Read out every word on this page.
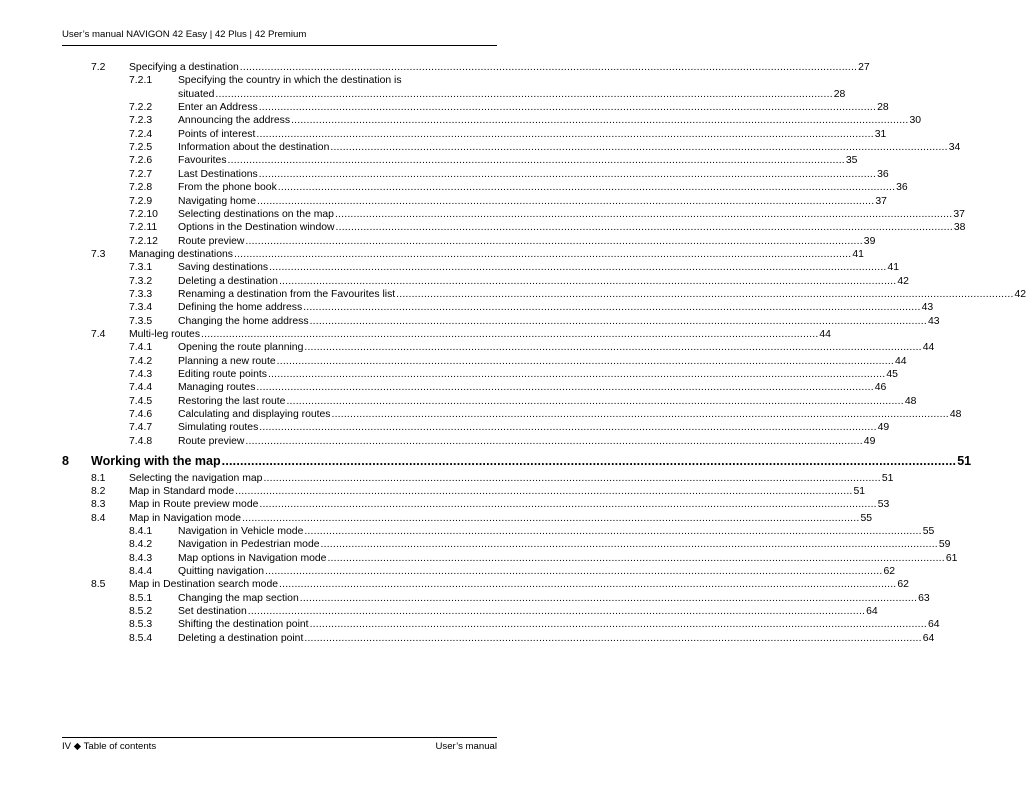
User’s manual NAVIGON 42 Easy | 42 Plus | 42 Premium
7.2 Specifying a destination ........................................................................................................................................................................................................ 27
7.2.1 Specifying the country in which the destination is
situated ........................................................................................................................................................................................................ 28
7.2.2 Enter an Address ........................................................................................................................................................................................................ 28
7.2.3 Announcing the address ........................................................................................................................................................................................................ 30
7.2.4 Points of interest ........................................................................................................................................................................................................ 31
7.2.5 Information about the destination ........................................................................................................................................................................................................ 34
7.2.6 Favourites ........................................................................................................................................................................................................ 35
7.2.7 Last Destinations ........................................................................................................................................................................................................ 36
7.2.8 From the phone book ........................................................................................................................................................................................................ 36
7.2.9 Navigating home ........................................................................................................................................................................................................ 37
7.2.10 Selecting destinations on the map ........................................................................................................................................................................................................ 37
7.2.11 Options in the Destination window ........................................................................................................................................................................................................ 38
7.2.12 Route preview ........................................................................................................................................................................................................ 39
7.3 Managing destinations ........................................................................................................................................................................................................ 41
7.3.1 Saving destinations ........................................................................................................................................................................................................ 41
7.3.2 Deleting a destination ........................................................................................................................................................................................................ 42
7.3.3 Renaming a destination from the Favourites list ........................................................................................................................................................................................................ 42
7.3.4 Defining the home address ........................................................................................................................................................................................................ 43
7.3.5 Changing the home address ........................................................................................................................................................................................................ 43
7.4 Multi-leg routes ........................................................................................................................................................................................................ 44
7.4.1 Opening the route planning ........................................................................................................................................................................................................ 44
7.4.2 Planning a new route ........................................................................................................................................................................................................ 44
7.4.3 Editing route points ........................................................................................................................................................................................................ 45
7.4.4 Managing routes ........................................................................................................................................................................................................ 46
7.4.5 Restoring the last route ........................................................................................................................................................................................................ 48
7.4.6 Calculating and displaying routes ........................................................................................................................................................................................................ 48
7.4.7 Simulating routes ........................................................................................................................................................................................................ 49
7.4.8 Route preview ........................................................................................................................................................................................................ 49
8 Working with the map ........................................................................................................................................................................................................ 51
8.1 Selecting the navigation map ........................................................................................................................................................................................................ 51
8.2 Map in Standard mode ........................................................................................................................................................................................................ 51
8.3 Map in Route preview mode ........................................................................................................................................................................................................ 53
8.4 Map in Navigation mode ........................................................................................................................................................................................................ 55
8.4.1 Navigation in Vehicle mode ........................................................................................................................................................................................................ 55
8.4.2 Navigation in Pedestrian mode ........................................................................................................................................................................................................ 59
8.4.3 Map options in Navigation mode ........................................................................................................................................................................................................ 61
8.4.4 Quitting navigation ........................................................................................................................................................................................................ 62
8.5 Map in Destination search mode ........................................................................................................................................................................................................ 62
8.5.1 Changing the map section ........................................................................................................................................................................................................ 63
8.5.2 Set destination ........................................................................................................................................................................................................ 64
8.5.3 Shifting the destination point ........................................................................................................................................................................................................ 64
8.5.4 Deleting a destination point ........................................................................................................................................................................................................ 64
IV ◆ Table of contents	User’s manual
